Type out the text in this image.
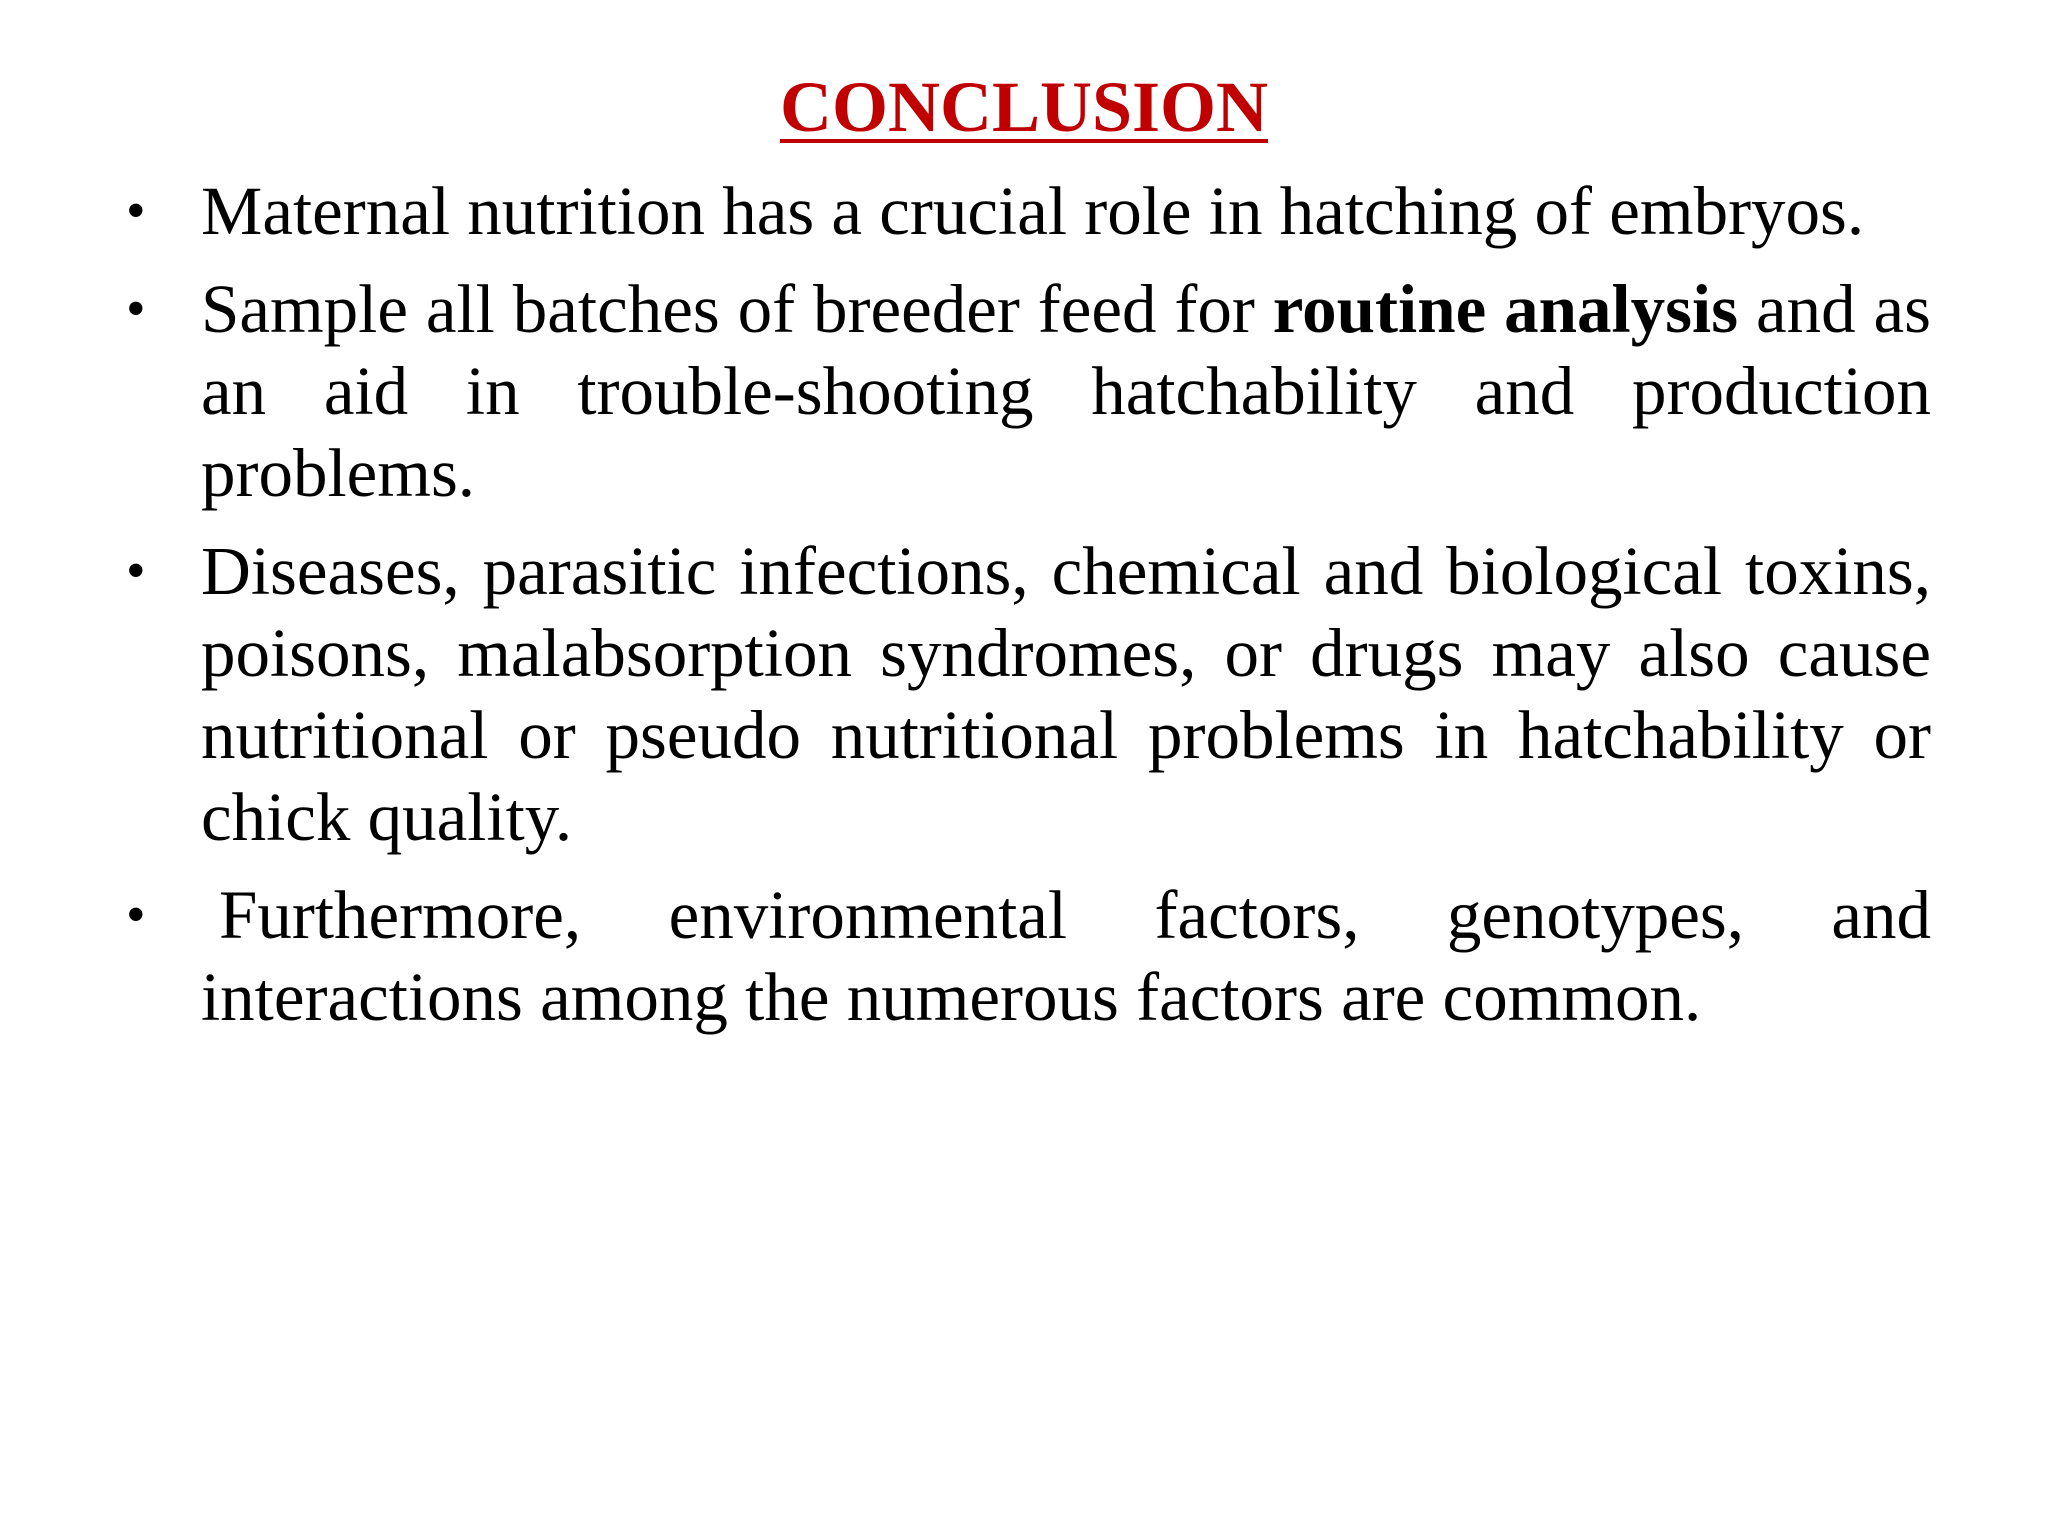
CONCLUSION
• Maternal nutrition has a crucial role in hatching of embryos.
• Sample all batches of breeder feed for routine analysis and as an aid in trouble-shooting hatchability and production problems.
• Diseases, parasitic infections, chemical and biological toxins, poisons, malabsorption syndromes, or drugs may also cause nutritional or pseudo nutritional problems in hatchability or chick quality.
• Furthermore, environmental factors, genotypes, and interactions among the numerous factors are common.
